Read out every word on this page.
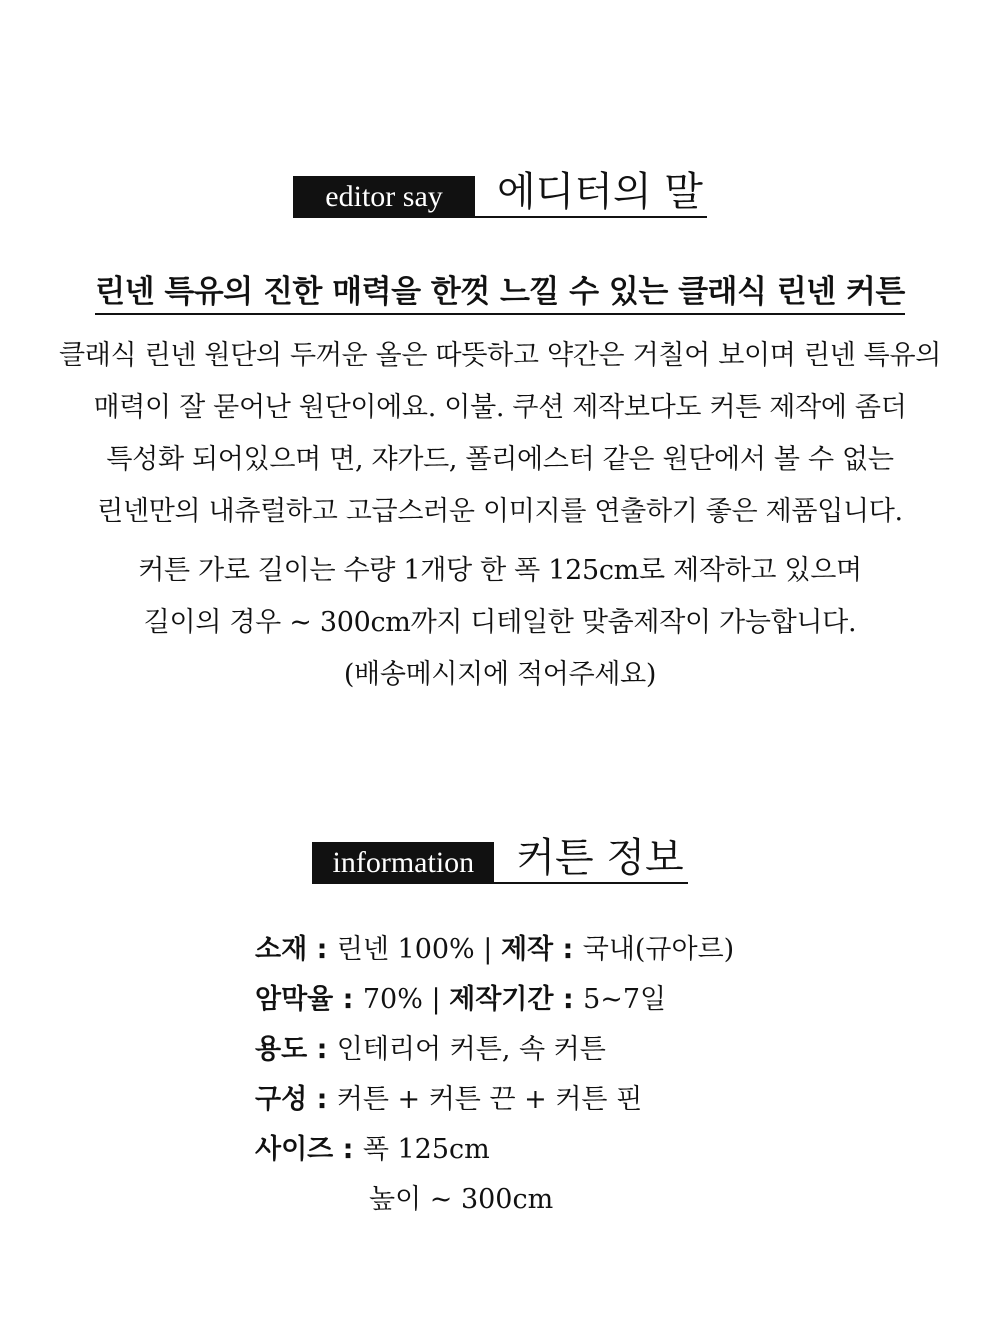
editor say	에디터의 말
린넨 특유의 진한 매력을 한껏 느낄 수 있는 클래식 린넨 커튼
클래식 린넨 원단의 두꺼운 올은 따뜻하고 약간은 거칠어 보이며 린넨 특유의
매력이 잘 묻어난 원단이에요. 이불. 쿠션 제작보다도 커튼 제작에 좀더
특성화 되어있으며 면, 쟈가드, 폴리에스터 같은 원단에서 볼 수 없는
린넨만의 내츄럴하고 고급스러운 이미지를 연출하기 좋은 제품입니다.
커튼 가로 길이는 수량 1개당 한 폭 125cm로 제작하고 있으며
길이의 경우 ~ 300cm까지 디테일한 맞춤제작이 가능합니다.
(배송메시지에 적어주세요)
information	커튼 정보
소재 : 린넨 100% | 제작 : 국내(규아르)
암막율 : 70% | 제작기간 : 5~7일
용도 : 인테리어 커튼, 속 커튼
구성 : 커튼 + 커튼 끈 + 커튼 핀
사이즈 : 폭 125cm
높이 ~ 300cm
